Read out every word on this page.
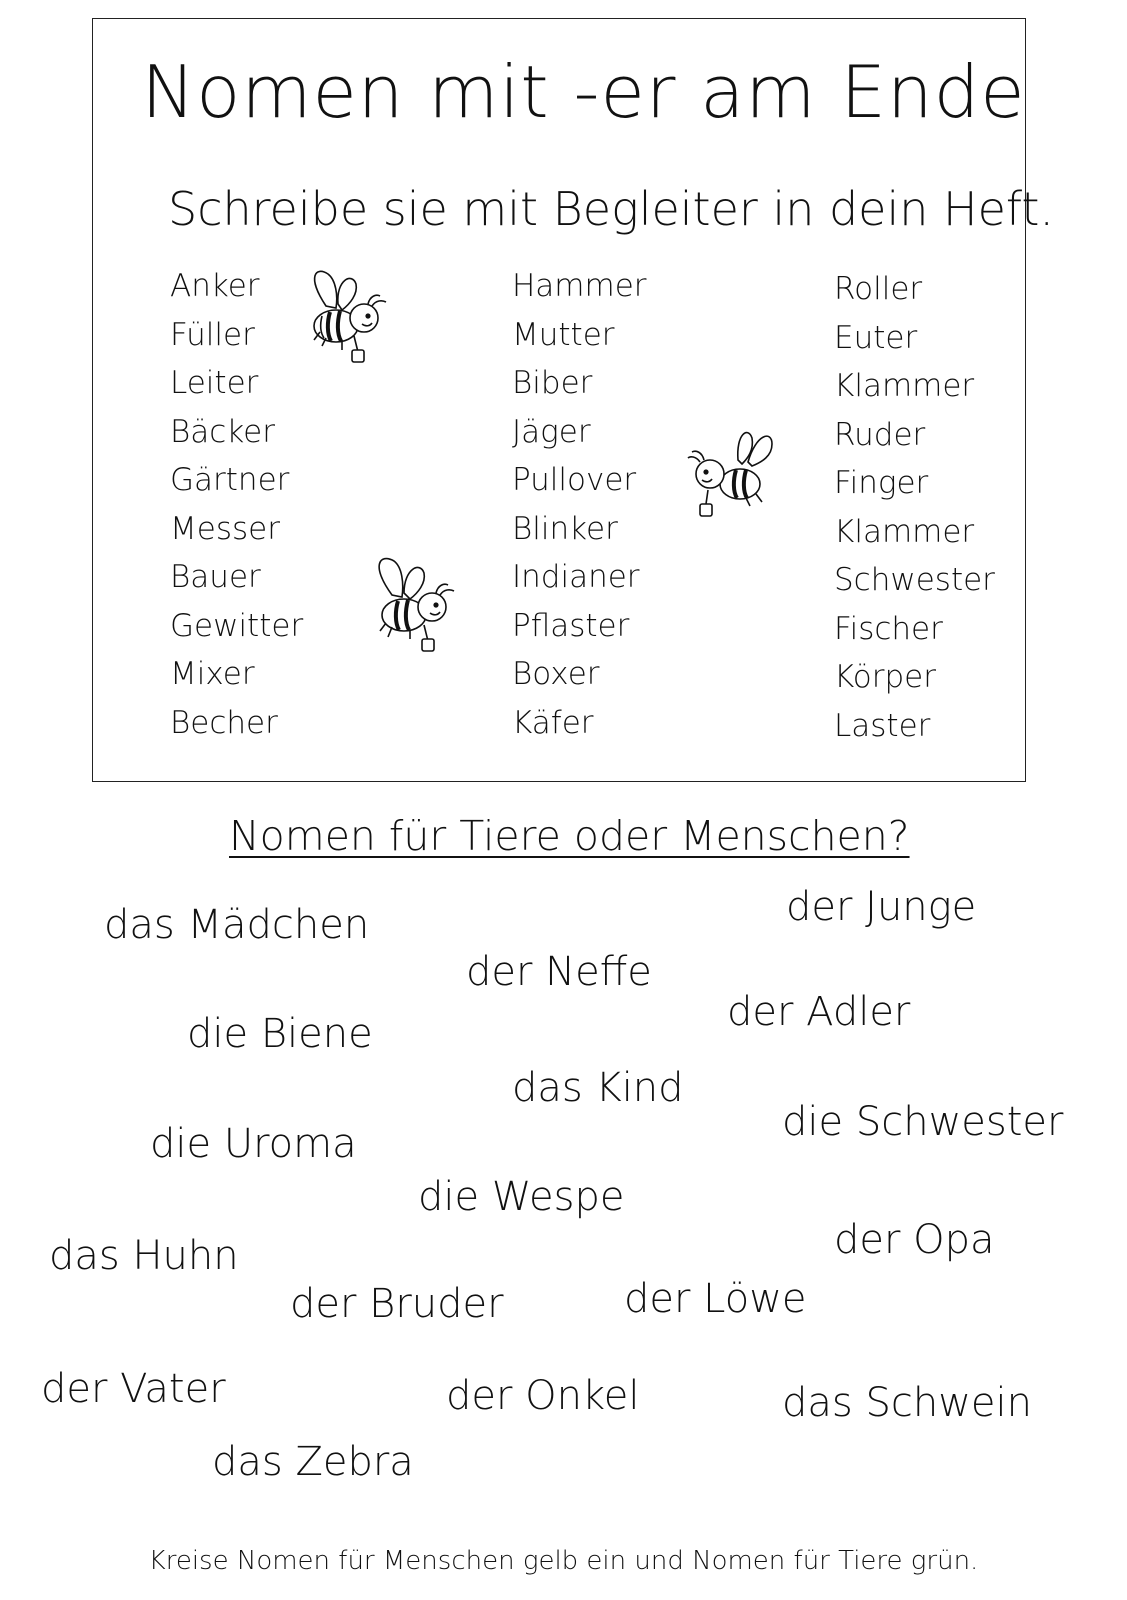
Nomen mit -er am Ende
Schreibe sie mit Begleiter in dein Heft.
Anker
Füller
Leiter
Bäcker
Gärtner
Messer
Bauer
Gewitter
Mixer
Becher
Hammer
Mutter
Biber
Jäger
Pullover
Blinker
Indianer
Pflaster
Boxer
Käfer
Roller
Euter
Klammer
Ruder
Finger
Klammer
Schwester
Fischer
Körper
Laster
Nomen für Tiere oder Menschen?
das Mädchen	der Junge
der Neffe
die Biene	der Adler
das Kind
die Uroma	die Schwester
die Wespe
das Huhn	der Opa
der Bruder	der Löwe
der Vater	der Onkel	das Schwein
das Zebra
Kreise Nomen für Menschen gelb ein und Nomen für Tiere grün.
